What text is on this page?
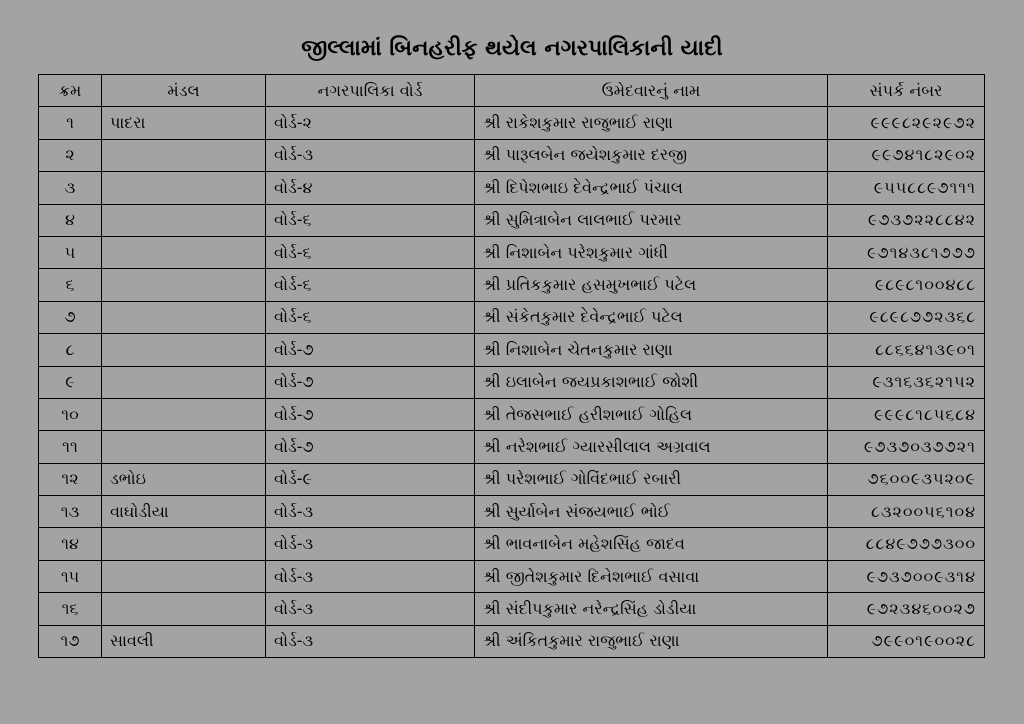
જીલ્લામાં બિનહરીફ થયેલ નગરપાલિકાની યાદી
ક્રમ	મંડલ	નગરપાલિકા વોર્ડ	ઉમેદવારનું નામ	સંપર્ક નંબર
૧	પાદરા	વોર્ડ-૨	શ્રી રાકેશકુમાર રાજુભાઈ રાણા	૯૯૯૮૨૯૨૯૭૨
૨		વોર્ડ-૩	શ્રી પારૂલબેન જયેશકુમાર દરજી	૯૯૭૪૧૮૨૯૦૨
૩		વોર્ડ-૪	શ્રી દિપેશભાઇ દેવેન્દ્રભાઈ પંચાલ	૯૫૫૮૮૯૭૧૧૧
૪		વોર્ડ-૬	શ્રી સુમિત્રાબેન લાલભાઈ પરમાર	૯૭૩૭૨૨૮૮૪૨
૫		વોર્ડ-૬	શ્રી નિશાબેન પરેશકુમાર ગાંધી	૯૭૧૪૩૮૧૭૭૭
૬		વોર્ડ-૬	શ્રી પ્રતિકકુમાર હસમુખભાઈ પટેલ	૯૮૯૮૧૦૦૪૮૮
૭		વોર્ડ-૬	શ્રી સંકેતકુમાર દેવેન્દ્રભાઈ પટેલ	૯૮૯૮૭૭૨૩૬૮
૮		વોર્ડ-૭	શ્રી નિશાબેન ચેતનકુમાર રાણા	૮૮૬૬૪૧૩૯૦૧
૯		વોર્ડ-૭	શ્રી ઇલાબેન જયપ્રકાશભાઈ જોશી	૯૩૧૬૩૬૨૧૫૨
૧૦		વોર્ડ-૭	શ્રી તેજસભાઈ હરીશભાઈ ગોહિલ	૯૯૯૮૧૮૫૬૮૪
૧૧		વોર્ડ-૭	શ્રી નરેશભાઈ ગ્યારસીલાલ અગ્રવાલ	૯૭૩૭૦૩૭૭૨૧
૧૨	ડભોઇ	વોર્ડ-૯	શ્રી પરેશભાઈ ગોવિંદભાઈ રબારી	૭૬૦૦૯૩૫૨૦૯
૧૩	વાઘોડીયા	વોર્ડ-૩	શ્રી સુર્યાબેન સંજયભાઈ ભોઈ	૮૩૨૦૦૫૬૧૦૪
૧૪		વોર્ડ-૩	શ્રી ભાવનાબેન મહેશસિંહ જાદવ	૮૮૪૯૭૭૭૩૦૦
૧૫		વોર્ડ-૩	શ્રી જીતેશકુમાર દિનેશભાઈ વસાવા	૯૭૩૭૦૦૯૩૧૪
૧૬		વોર્ડ-૩	શ્રી સંદીપકુમાર નરેન્દ્રસિંહ ડોડીયા	૯૭૨૩૪૬૦૦૨૭
૧૭	સાવલી	વોર્ડ-૩	શ્રી અંકિતકુમાર રાજુભાઈ રાણા	૭૯૯૦૧૯૦૦૨૮
